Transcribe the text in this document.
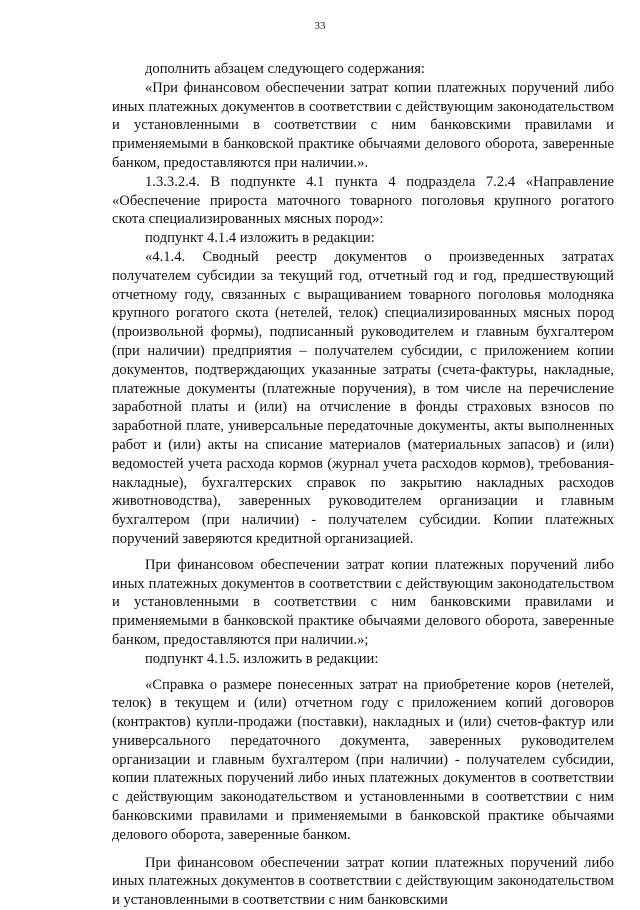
33

дополнить абзацем следующего содержания:

«При финансовом обеспечении затрат копии платежных поручений либо иных платежных документов в соответствии с действующим законодательством и установленными в соответствии с ним банковскими правилами и применяемыми в банковской практике обычаями делового оборота, заверенные банком, предоставляются при наличии.».

1.3.3.2.4. В подпункте 4.1 пункта 4 подраздела 7.2.4 «Направление «Обеспечение прироста маточного товарного поголовья крупного рогатого скота специализированных мясных пород»:

подпункт 4.1.4 изложить в редакции:

«4.1.4. Сводный реестр документов о произведенных затратах получателем субсидии за текущий год, отчетный год и год, предшествующий отчетному году, связанных с выращиванием товарного поголовья молодняка крупного рогатого скота (нетелей, телок) специализированных мясных пород (произвольной формы), подписанный руководителем и главным бухгалтером (при наличии) предприятия – получателем субсидии, с приложением копии документов, подтверждающих указанные затраты (счета-фактуры, накладные, платежные документы (платежные поручения), в том числе на перечисление заработной платы и (или) на отчисление в фонды страховых взносов по заработной плате, универсальные передаточные документы, акты выполненных работ и (или) акты на списание материалов (материальных запасов) и (или) ведомостей учета расхода кормов (журнал учета расходов кормов), требования-накладные), бухгалтерских справок по закрытию накладных расходов животноводства), заверенных руководителем организации и главным бухгалтером (при наличии) - получателем субсидии. Копии платежных поручений заверяются кредитной организацией.

При финансовом обеспечении затрат копии платежных поручений либо иных платежных документов в соответствии с действующим законодательством и установленными в соответствии с ним банковскими правилами и применяемыми в банковской практике обычаями делового оборота, заверенные банком, предоставляются при наличии.»;

подпункт 4.1.5. изложить в редакции:

«Справка о размере понесенных затрат на приобретение коров (нетелей, телок) в текущем и (или) отчетном году с приложением копий договоров (контрактов) купли-продажи (поставки), накладных и (или) счетов-фактур или универсального передаточного документа, заверенных руководителем организации и главным бухгалтером (при наличии) - получателем субсидии, копии платежных поручений либо иных платежных документов в соответствии с действующим законодательством и установленными в соответствии с ним банковскими правилами и применяемыми в банковской практике обычаями делового оборота, заверенные банком.

При финансовом обеспечении затрат копии платежных поручений либо иных платежных документов в соответствии с действующим законодательством и установленными в соответствии с ним банковскими
